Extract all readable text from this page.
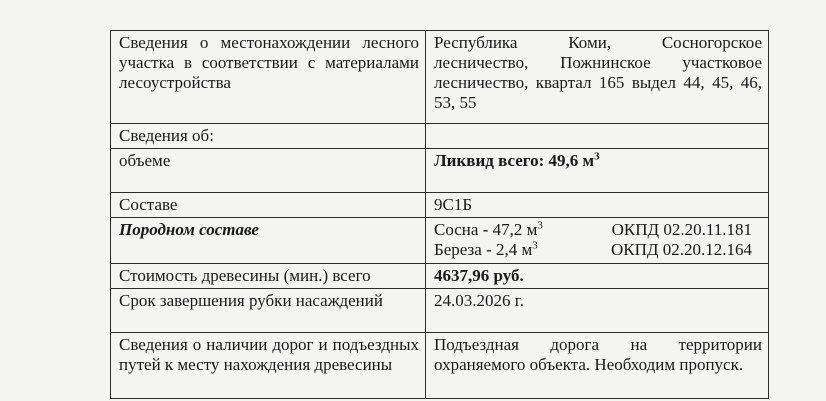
Сведения о местонахождении лесного участка в соответствии с материалами лесоустройства	Республика Коми, Сосногорское лесничество, Пожнинское участковое лесничество, квартал 165 выдел 44, 45, 46, 53, 55
Сведения об:	
объеме	Ликвид всего: 49,6 $м^3$
Составе	9С1Б
Породном составе	Сосна - 47,2 $м^3$ ОКПД 02.20.11.181
Береза - 2,4 $м^3$ ОКПД 02.20.12.164

Стоимость древесины (мин.) всего	4637,96 руб.
Срок завершения рубки насаждений	24.03.2026 г.
Сведения о наличии дорог и подъездных путей к месту нахождения древесины	Подъездная дорога на территории охраняемого объекта. Необходим пропуск.
